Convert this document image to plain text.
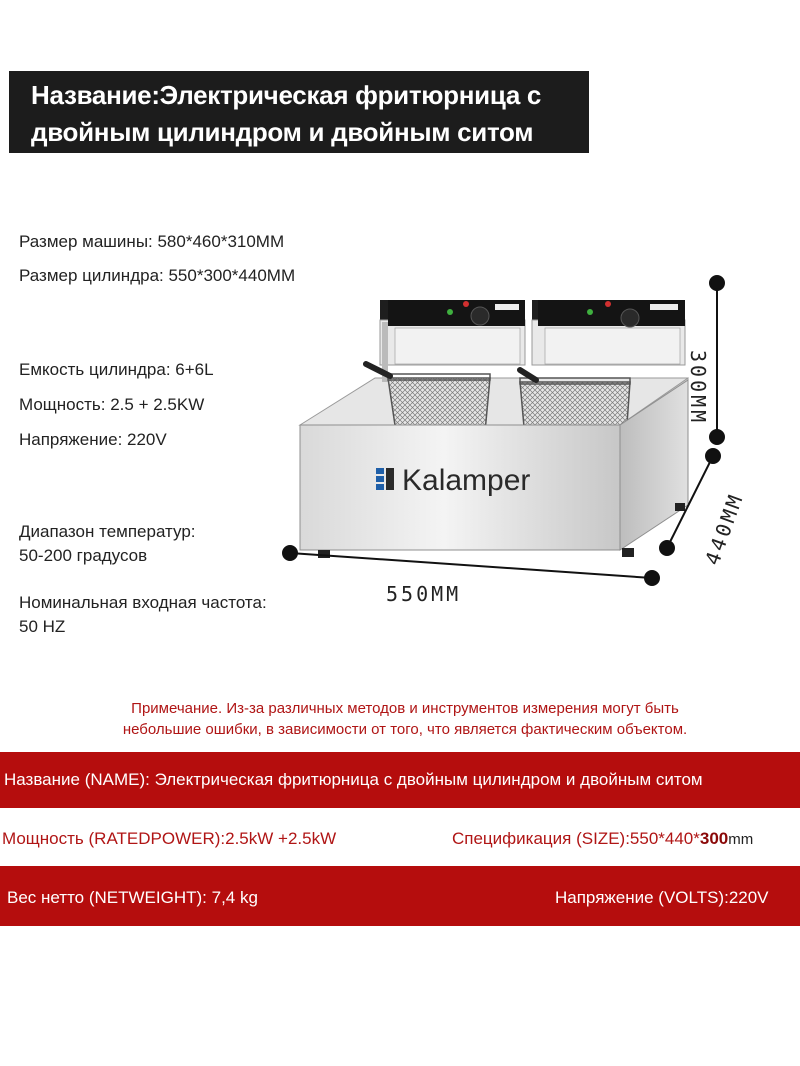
Название:Электрическая фритюрница с
двойным цилиндром и двойным ситом
Размер машины: 580*460*310MM
Размер цилиндра: 550*300*440MM
Емкость цилиндра: 6+6L
Мощность: 2.5 + 2.5KW
Напряжение: 220V
Диапазон температур:
50-200 градусов
Номинальная входная частота:
50 HZ
Kalamper
300MM
440MM
550MM
Примечание. Из-за различных методов и инструментов измерения могут быть
небольшие ошибки, в зависимости от того, что является фактическим объектом.
Название (NAME): Электрическая фритюрница с двойным цилиндром и двойным ситом
Мощность (RATEDPOWER):2.5kW +2.5kW	Спецификация (SIZE):550*440*300mm
Вес нетто (NETWEIGHT): 7,4 kg	Напряжение (VOLTS):220V
